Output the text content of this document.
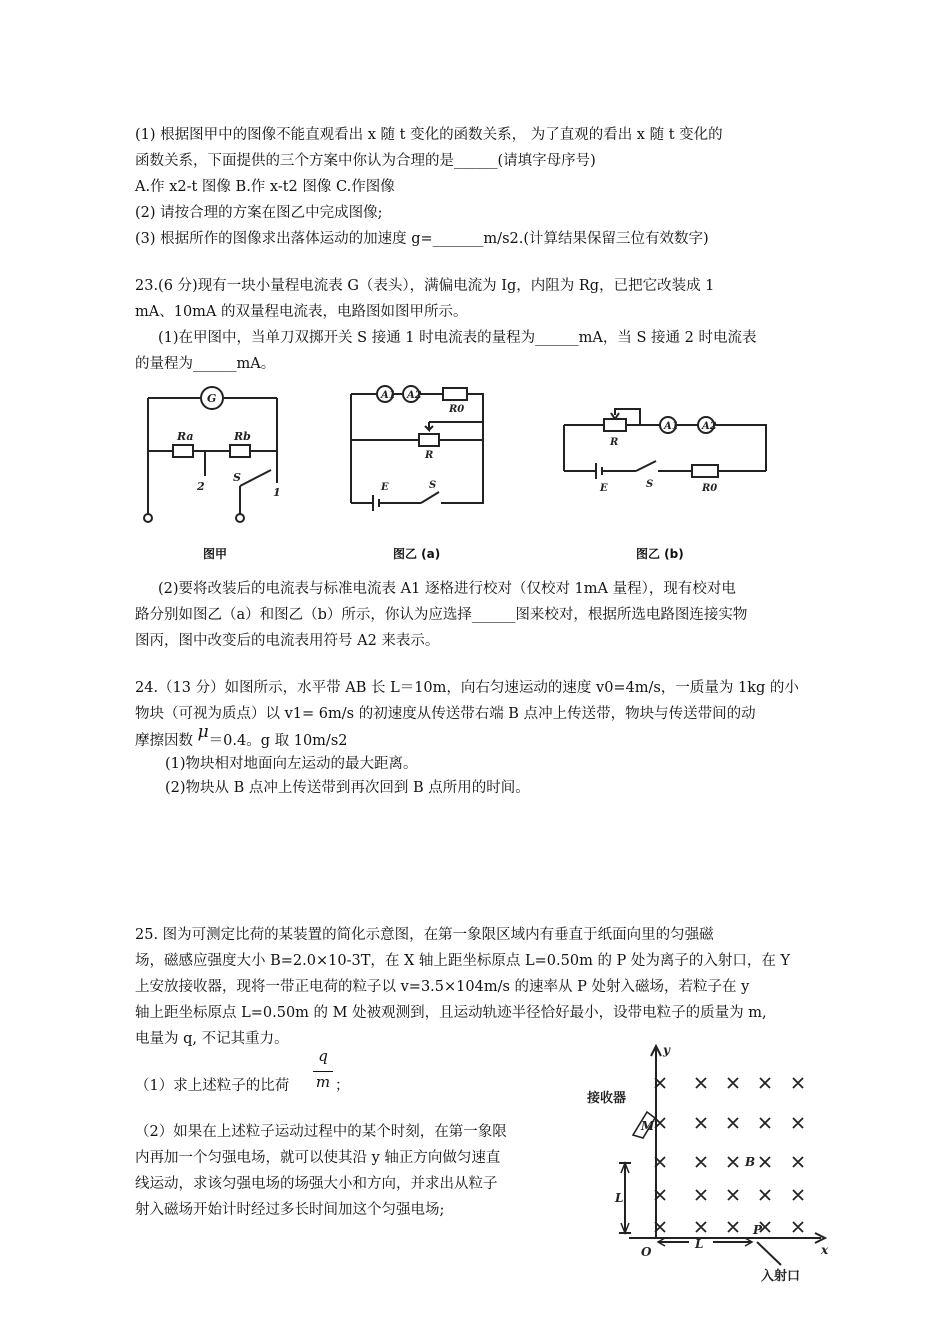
(1) 根据图甲中的图像不能直观看出 x 随 t 变化的函数关系， 为了直观的看出 x 随 t 变化的
函数关系，下面提供的三个方案中你认为合理的是______(请填字母序号)
A.作 x2-t 图像 B.作 x-t2 图像 C.作图像
(2) 请按合理的方案在图乙中完成图像;
(3) 根据所作的图像求出落体运动的加速度 g=_______m/s2.(计算结果保留三位有效数字)
23.(6 分)现有一块小量程电流表 G（表头），满偏电流为 Ig，内阻为 Rg，已把它改装成 1
mA、10mA 的双量程电流表，电路图如图甲所示。
(1)在甲图中，当单刀双掷开关 S 接通 1 时电流表的量程为______mA，当 S 接通 2 时电流表
的量程为______mA。
G
Ra	Rb
2
S
1
图甲
A1 A2
R0
R
E	S
图乙 (a)
R
A1 A2
E	S	R0
图乙 (b)
(2)要将改装后的电流表与标准电流表 A1 逐格进行校对（仅校对 1mA 量程），现有校对电
路分别如图乙（a）和图乙（b）所示，你认为应选择______图来校对，根据所选电路图连接实物
图丙，图中改变后的电流表用符号 A2 来表示。
24.（13 分）如图所示，水平带 AB 长 L＝10m，向右匀速运动的速度 v0=4m/s，一质量为 1kg 的小
物块（可视为质点）以 v1= 6m/s 的初速度从传送带右端 B 点冲上传送带，物块与传送带间的动
摩擦因数 μ＝0.4。g 取 10m/s2
(1)物块相对地面向左运动的最大距离。
(2)物块从 B 点冲上传送带到再次回到 B 点所用的时间。
25. 图为可测定比荷的某装置的简化示意图，在第一象限区域内有垂直于纸面向里的匀强磁
场，磁感应强度大小 B=2.0×10-3T，在 X 轴上距坐标原点 L=0.50m 的 P 处为离子的入射口，在 Y
上安放接收器，现将一带正电荷的粒子以 v=3.5×104m/s 的速率从 P 处射入磁场，若粒子在 y
轴上距坐标原点 L=0.50m 的 M 处被观测到，且运动轨迹半径恰好最小，设带电粒子的质量为 m,
电量为 q, 不记其重力。
q
m
（1）求上述粒子的比荷	；
（2）如果在上述粒子运动过程中的某个时刻，在第一象限
内再加一个匀强电场，就可以使其沿 y 轴正方向做匀速直
线运动，求该匀强电场的场强大小和方向，并求出从粒子
射入磁场开始计时经过多长时间加这个匀强电场;
y
接收器
M
L
O
L
P
x
B
入射口
